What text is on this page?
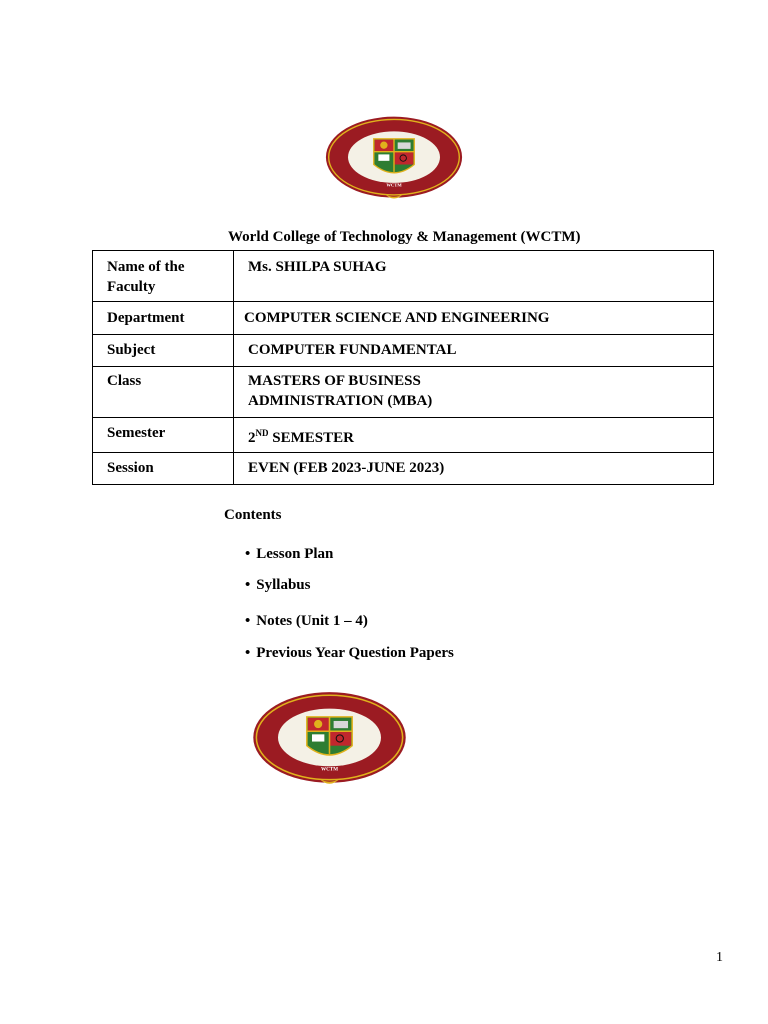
WCTM
World College of Technology & Management (WCTM)
Name of the Faculty	Ms. SHILPA SUHAG
Department	COMPUTER SCIENCE AND ENGINEERING
Subject	COMPUTER FUNDAMENTAL
Class	MASTERS OF BUSINESS ADMINISTRATION (MBA)
Semester	2ND SEMESTER
Session	EVEN (FEB 2023-JUNE 2023)
Contents
• Lesson Plan
• Syllabus
• Notes (Unit 1 – 4)
• Previous Year Question Papers
WCTM
1
